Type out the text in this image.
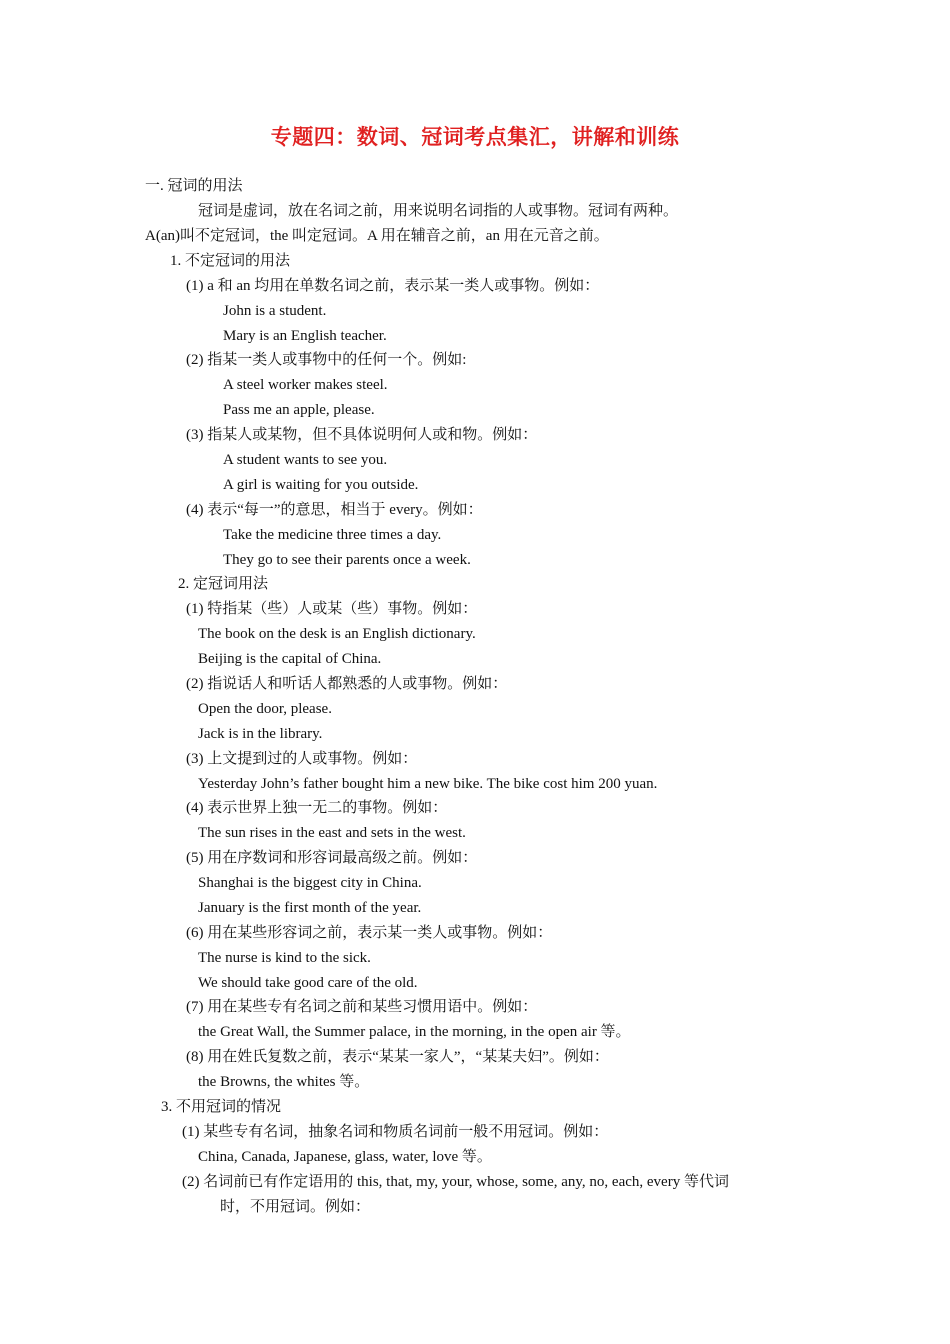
专题四：数词、冠词考点集汇，讲解和训练
一. 冠词的用法
冠词是虚词，放在名词之前，用来说明名词指的人或事物。冠词有两种。
A(an)叫不定冠词，the 叫定冠词。A 用在辅音之前，an 用在元音之前。
1. 不定冠词的用法
(1) a 和 an 均用在单数名词之前，表示某一类人或事物。例如：
John is a student.
Mary is an English teacher.
(2) 指某一类人或事物中的任何一个。例如:
A steel worker makes steel.
Pass me an apple, please.
(3) 指某人或某物，但不具体说明何人或和物。例如：
A student wants to see you.
A girl is waiting for you outside.
(4) 表示“每一”的意思，相当于 every。例如：
Take the medicine three times a day.
They go to see their parents once a week.
2. 定冠词用法
(1) 特指某（些）人或某（些）事物。例如：
The book on the desk is an English dictionary.
Beijing is the capital of China.
(2) 指说话人和听话人都熟悉的人或事物。例如：
Open the door, please.
Jack is in the library.
(3) 上文提到过的人或事物。例如：
Yesterday John’s father bought him a new bike. The bike cost him 200 yuan.
(4) 表示世界上独一无二的事物。例如：
The sun rises in the east and sets in the west.
(5) 用在序数词和形容词最高级之前。例如：
Shanghai is the biggest city in China.
January is the first month of the year.
(6) 用在某些形容词之前，表示某一类人或事物。例如：
The nurse is kind to the sick.
We should take good care of the old.
(7) 用在某些专有名词之前和某些习惯用语中。例如：
the Great Wall, the Summer palace, in the morning, in the open air 等。
(8) 用在姓氏复数之前，表示“某某一家人”，“某某夫妇”。例如：
the Browns, the whites 等。
3. 不用冠词的情况
(1) 某些专有名词，抽象名词和物质名词前一般不用冠词。例如：
China, Canada, Japanese, glass, water, love 等。
(2) 名词前已有作定语用的 this, that, my, your, whose, some, any, no, each, every 等代词
时，不用冠词。例如：
